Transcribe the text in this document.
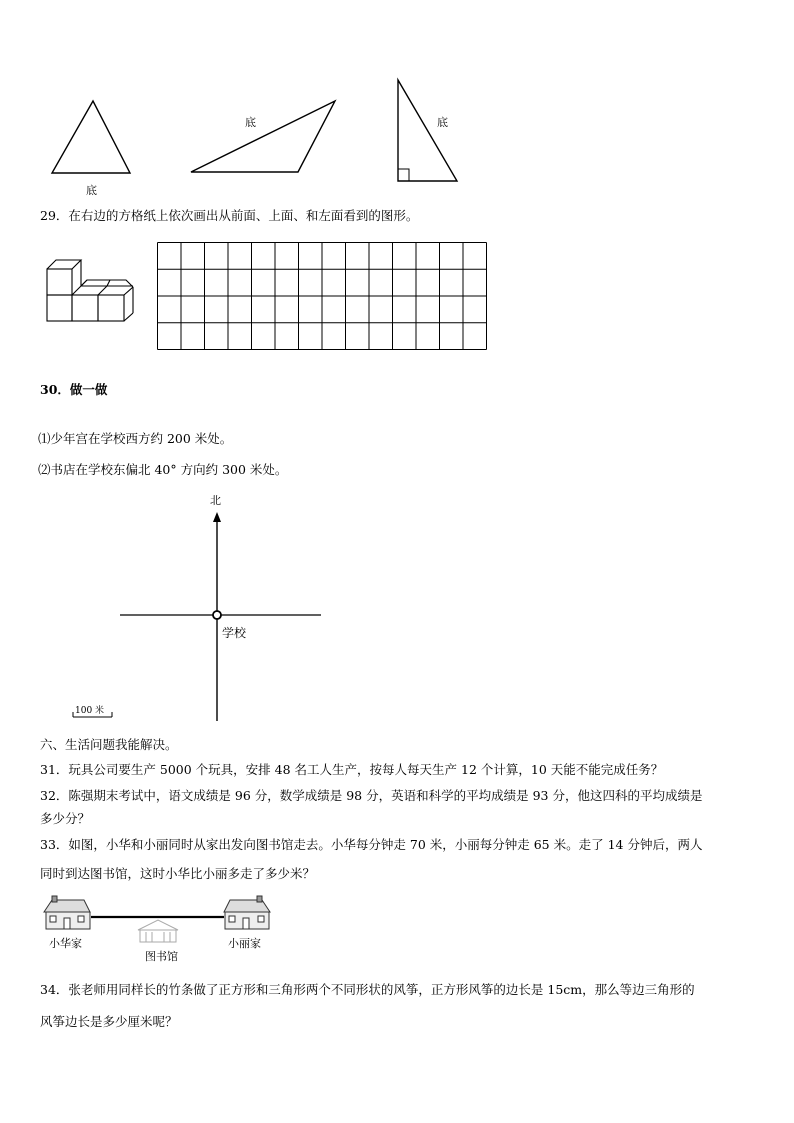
底
底	底
29．在右边的方格纸上依次画出从前面、上面、和左面看到的图形。
30．做一做
⑴少年宫在学校西方约 200 米处。
⑵书店在学校东偏北 40° 方向约 300 米处。
北
学校
100 米
六、生活问题我能解决。
31．玩具公司要生产 5000 个玩具，安排 48 名工人生产，按每人每天生产 12 个计算，10 天能不能完成任务？
32．陈强期末考试中，语文成绩是 96 分，数学成绩是 98 分，英语和科学的平均成绩是 93 分，他这四科的平均成绩是
多少分？
33．如图，小华和小丽同时从家出发向图书馆走去。小华每分钟走 70 米，小丽每分钟走 65 米。走了 14 分钟后，两人
同时到达图书馆，这时小华比小丽多走了多少米？
小华家
图书馆
小丽家
34．张老师用同样长的竹条做了正方形和三角形两个不同形状的风筝，正方形风筝的边长是 15cm，那么等边三角形的
风筝边长是多少厘米呢？
